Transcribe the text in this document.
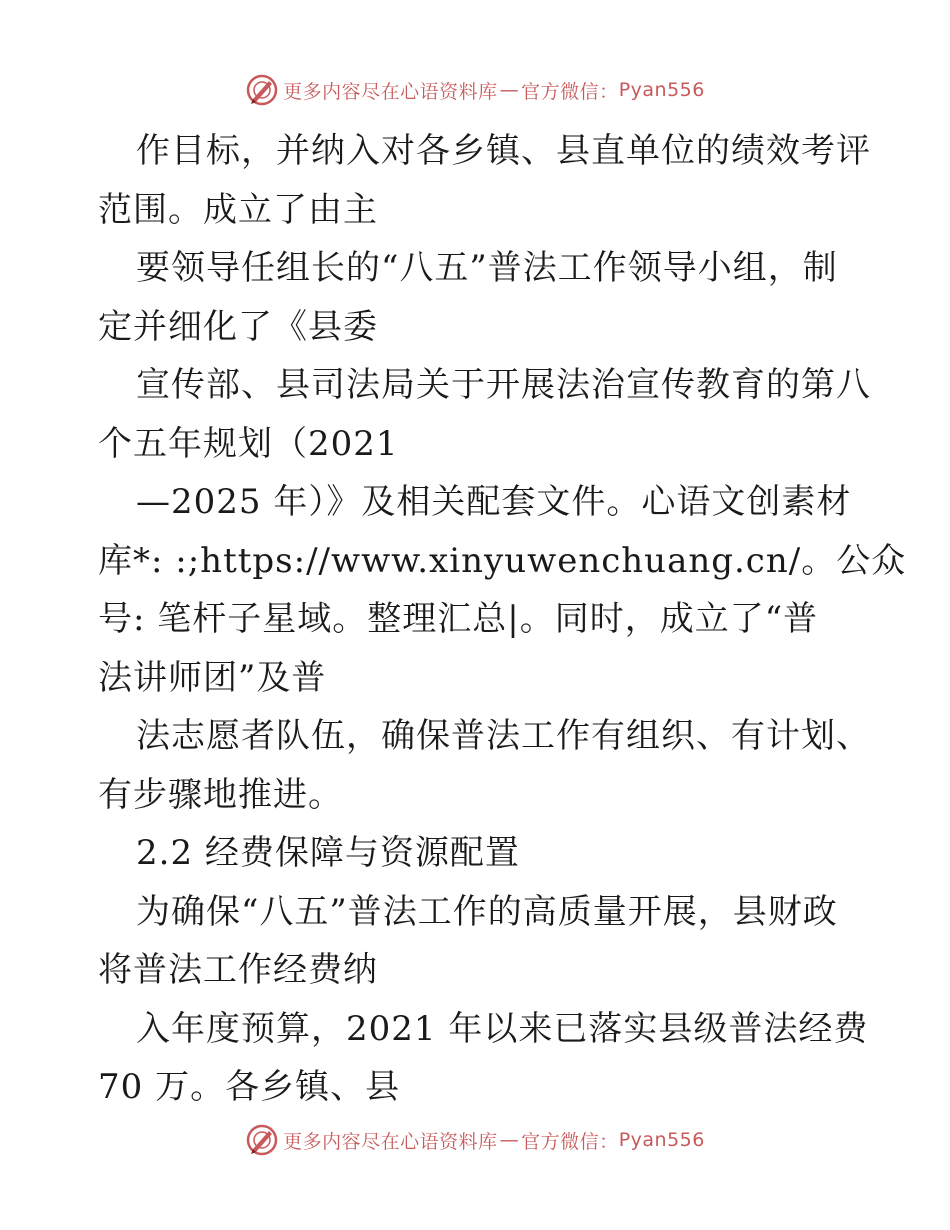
更多内容尽在心语资料库 — 官方微信： Pyan556
作目标，并纳入对各乡镇、县直单位的绩效考评
范围。成立了由主
要领导任组长的“八五”普法工作领导小组，制
定并细化了《县委
宣传部、县司法局关于开展法治宣传教育的第八
个五年规划（2021
—2025 年）》及相关配套文件。心语文创素材
库*: :;https://www.xinyuwenchuang.cn/。公众
号: 笔杆子星域。整理汇总|。同时，成立了“普
法讲师团”及普
法志愿者队伍，确保普法工作有组织、有计划、
有步骤地推进。
2.2 经费保障与资源配置
为确保“八五”普法工作的高质量开展，县财政
将普法工作经费纳
入年度预算，2021 年以来已落实县级普法经费
70 万。各乡镇、县
更多内容尽在心语资料库 — 官方微信： Pyan556
